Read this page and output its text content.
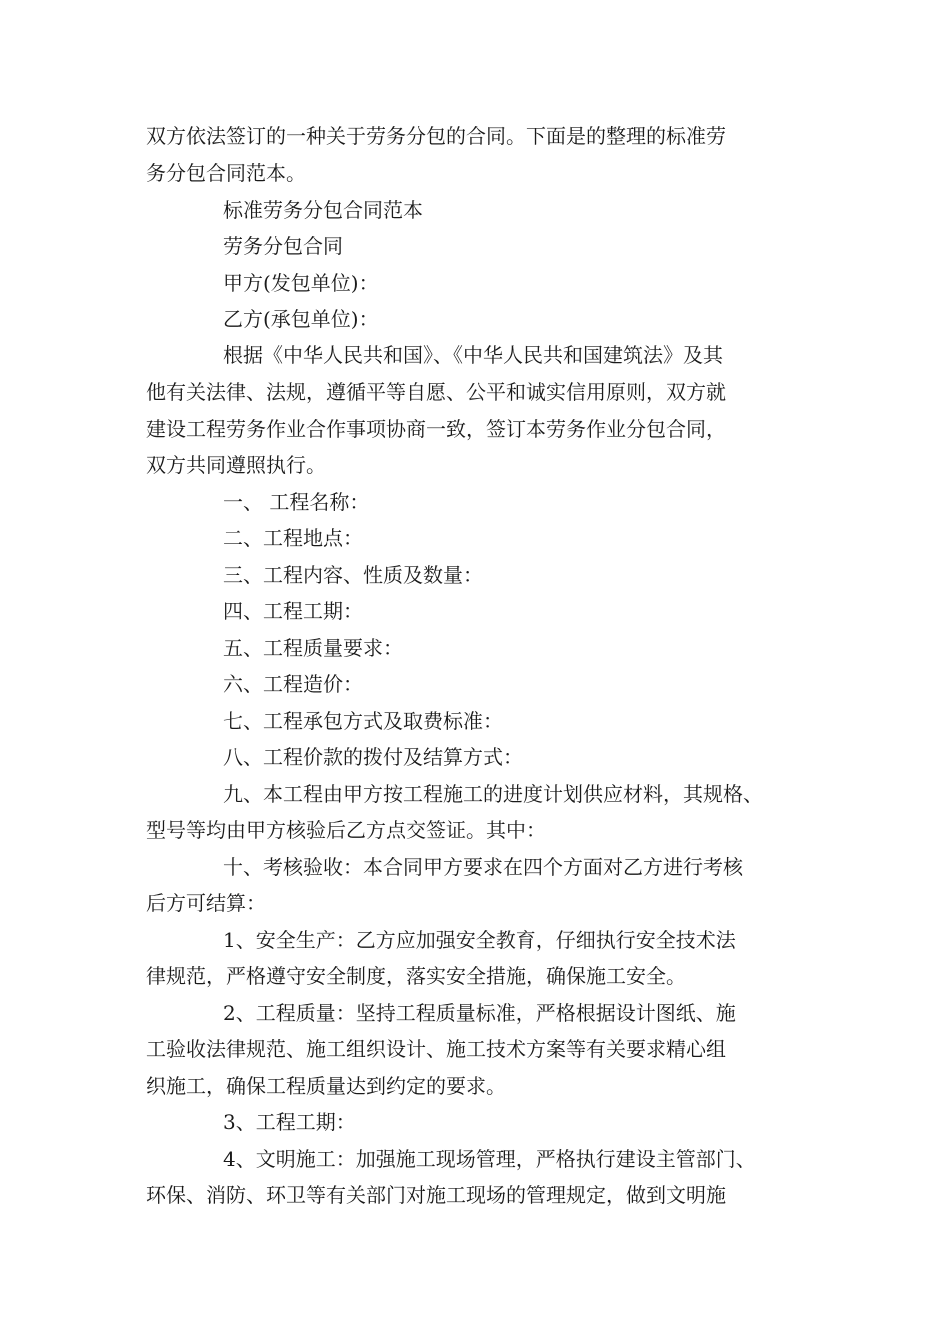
双方依法签订的一种关于劳务分包的合同。下面是的整理的标准劳

务分包合同范本。

标准劳务分包合同范本

劳务分包合同

甲方(发包单位)：

乙方(承包单位)：

根据《中华人民共和国》、《中华人民共和国建筑法》及其

他有关法律、法规，遵循平等自愿、公平和诚实信用原则，双方就

建设工程劳务作业合作事项协商一致，签订本劳务作业分包合同，

双方共同遵照执行。

一、 工程名称：

二、工程地点：

三、工程内容、性质及数量：

四、工程工期：

五、工程质量要求：

六、工程造价：

七、工程承包方式及取费标准：

八、工程价款的拨付及结算方式：

九、本工程由甲方按工程施工的进度计划供应材料，其规格、

型号等均由甲方核验后乙方点交签证。其中：

十、考核验收：本合同甲方要求在四个方面对乙方进行考核

后方可结算：

1、安全生产：乙方应加强安全教育，仔细执行安全技术法

律规范，严格遵守安全制度，落实安全措施，确保施工安全。

2、工程质量：坚持工程质量标准，严格根据设计图纸、施

工验收法律规范、施工组织设计、施工技术方案等有关要求精心组

织施工，确保工程质量达到约定的要求。

3、工程工期：

4、文明施工：加强施工现场管理，严格执行建设主管部门、

环保、消防、环卫等有关部门对施工现场的管理规定，做到文明施
